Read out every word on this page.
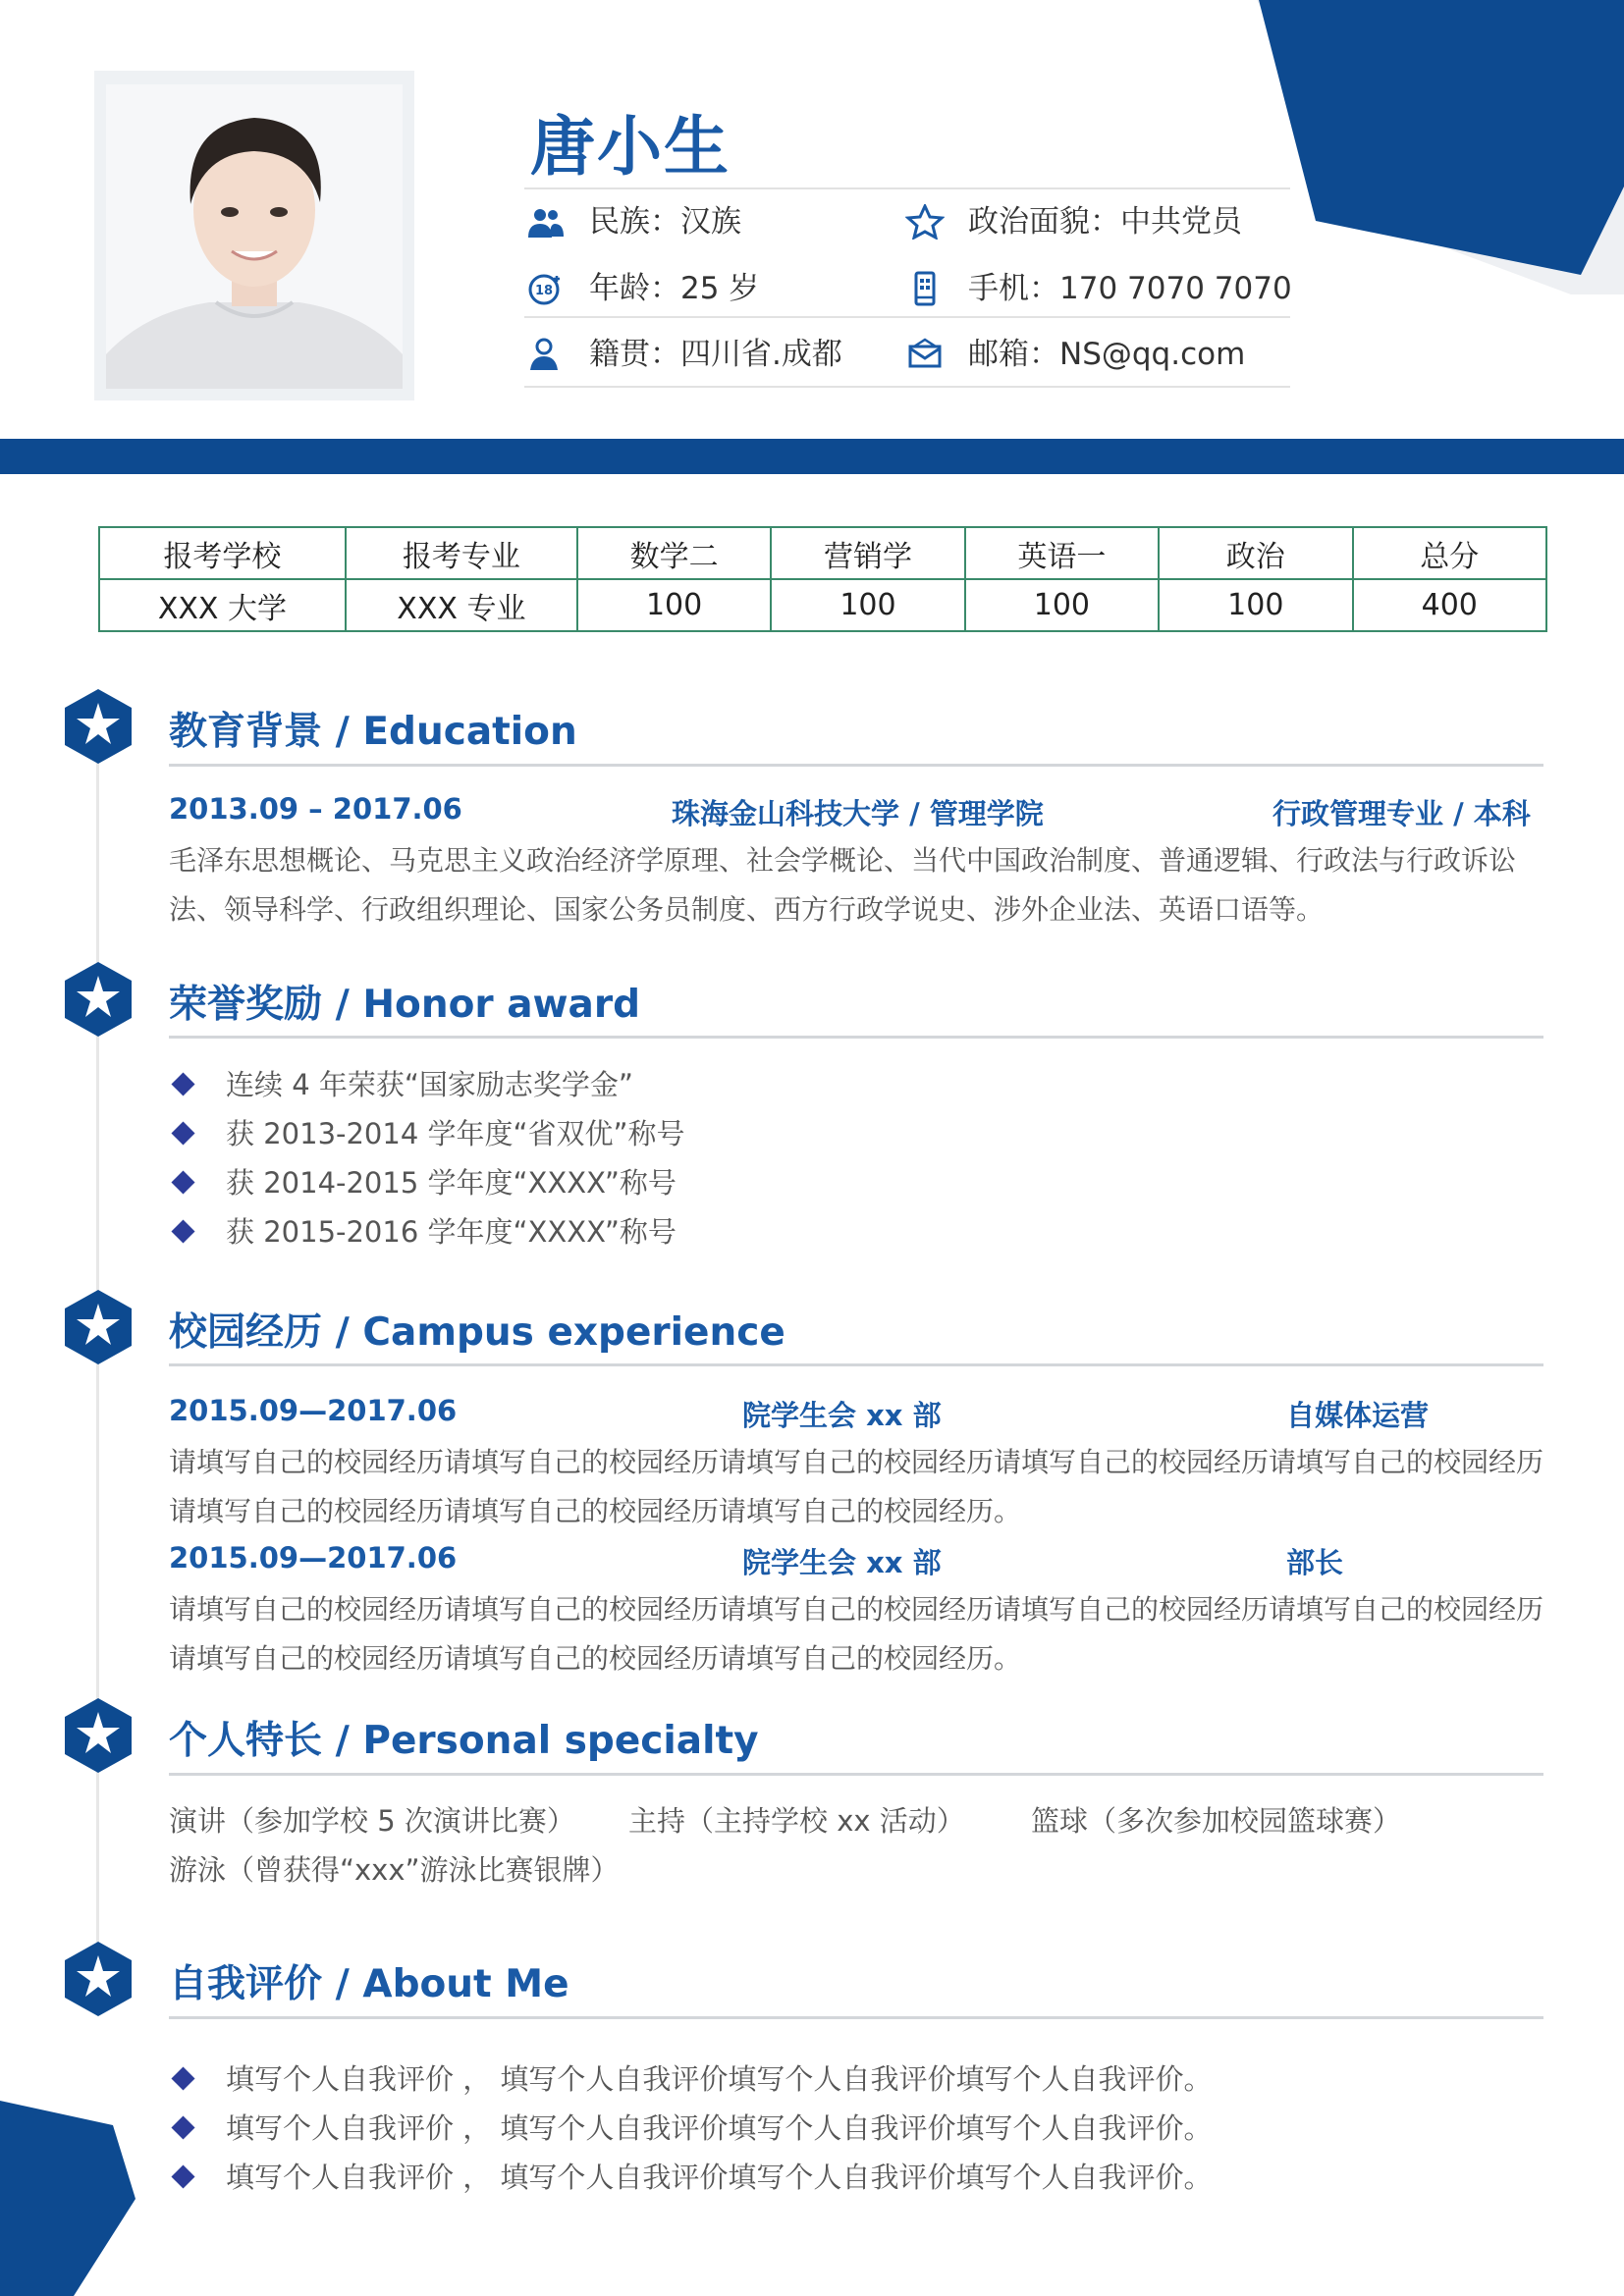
唐小生
民族：汉族	政治面貌：中共党员
18 年龄：25 岁	手机：170 7070 7070
籍贯：四川省.成都	邮箱：NS@qq.com
报考学校	报考专业	数学二	营销学	英语一	政治	总分
XXX 大学	XXX 专业	100	100	100	100	400
教育背景 / Education
2013.09 – 2017.06	珠海金山科技大学 / 管理学院	行政管理专业 / 本科
毛泽东思想概论、马克思主义政治经济学原理、社会学概论、当代中国政治制度、普通逻辑、行政法与行政诉讼法、领导科学、行政组织理论、国家公务员制度、西方行政学说史、涉外企业法、英语口语等。
荣誉奖励 / Honor award
连续 4 年荣获“国家励志奖学金”
获 2013-2014 学年度“省双优”称号
获 2014-2015 学年度“XXXX”称号
获 2015-2016 学年度“XXXX”称号
校园经历 / Campus experience
2015.09—2017.06	院学生会 xx 部	自媒体运营
请填写自己的校园经历请填写自己的校园经历请填写自己的校园经历请填写自己的校园经历请填写自己的校园经历请填写自己的校园经历请填写自己的校园经历请填写自己的校园经历。
2015.09—2017.06	院学生会 xx 部	部长
请填写自己的校园经历请填写自己的校园经历请填写自己的校园经历请填写自己的校园经历请填写自己的校园经历请填写自己的校园经历请填写自己的校园经历请填写自己的校园经历。
个人特长 / Personal specialty
演讲（参加学校 5 次演讲比赛） 主持（主持学校 xx 活动） 篮球（多次参加校园篮球赛）
游泳（曾获得“xxx”游泳比赛银牌）
自我评价 / About Me
填写个人自我评价 ， 填写个人自我评价填写个人自我评价填写个人自我评价。
填写个人自我评价 ， 填写个人自我评价填写个人自我评价填写个人自我评价。
填写个人自我评价 ， 填写个人自我评价填写个人自我评价填写个人自我评价。
